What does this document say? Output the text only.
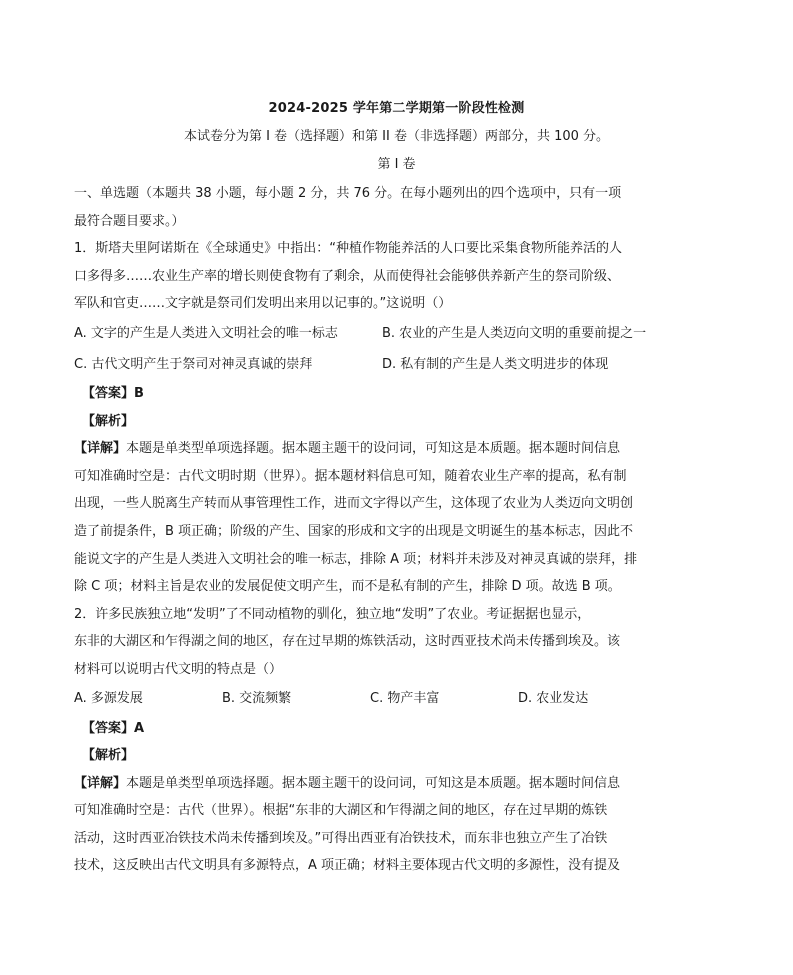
2024-2025 学年第二学期第一阶段性检测
本试卷分为第 I 卷（选择题）和第 II 卷（非选择题）两部分，共 100 分。
第 I 卷

一、单选题（本题共 38 小题，每小题 2 分，共 76 分。在每小题列出的四个选项中，只有一项

最符合题目要求。）

1．斯塔夫里阿诺斯在《全球通史》中指出：“种植作物能养活的人口要比采集食物所能养活的人

口多得多……农业生产率的增长则使食物有了剩余，从而使得社会能够供养新产生的祭司阶级、

军队和官吏……文字就是祭司们发明出来用以记事的。”这说明（）

A. 文字的产生是人类进入文明社会的唯一标志	B. 农业的产生是人类迈向文明的重要前提之一
C. 古代文明产生于祭司对神灵真诚的崇拜	D. 私有制的产生是人类文明进步的体现

【答案】B

【解析】

【详解】本题是单类型单项选择题。据本题主题干的设问词，可知这是本质题。据本题时间信息

可知准确时空是：古代文明时期（世界）。据本题材料信息可知，随着农业生产率的提高，私有制

出现，一些人脱离生产转而从事管理性工作，进而文字得以产生，这体现了农业为人类迈向文明创

造了前提条件，B 项正确；阶级的产生、国家的形成和文字的出现是文明诞生的基本标志，因此不

能说文字的产生是人类进入文明社会的唯一标志，排除 A 项；材料并未涉及对神灵真诚的崇拜，排

除 C 项；材料主旨是农业的发展促使文明产生，而不是私有制的产生，排除 D 项。故选 B 项。

2．许多民族独立地“发明”了不同动植物的驯化，独立地“发明”了农业。考证据据也显示，

东非的大湖区和乍得湖之间的地区，存在过早期的炼铁活动，这时西亚技术尚未传播到埃及。该

材料可以说明古代文明的特点是（）

A. 多源发展	B. 交流频繁	C. 物产丰富	D. 农业发达

【答案】A

【解析】

【详解】本题是单类型单项选择题。据本题主题干的设问词，可知这是本质题。据本题时间信息

可知准确时空是：古代（世界）。根据“东非的大湖区和乍得湖之间的地区，存在过早期的炼铁

活动，这时西亚冶铁技术尚未传播到埃及。”可得出西亚有冶铁技术，而东非也独立产生了冶铁

技术，这反映出古代文明具有多源特点，A 项正确；材料主要体现古代文明的多源性，没有提及
